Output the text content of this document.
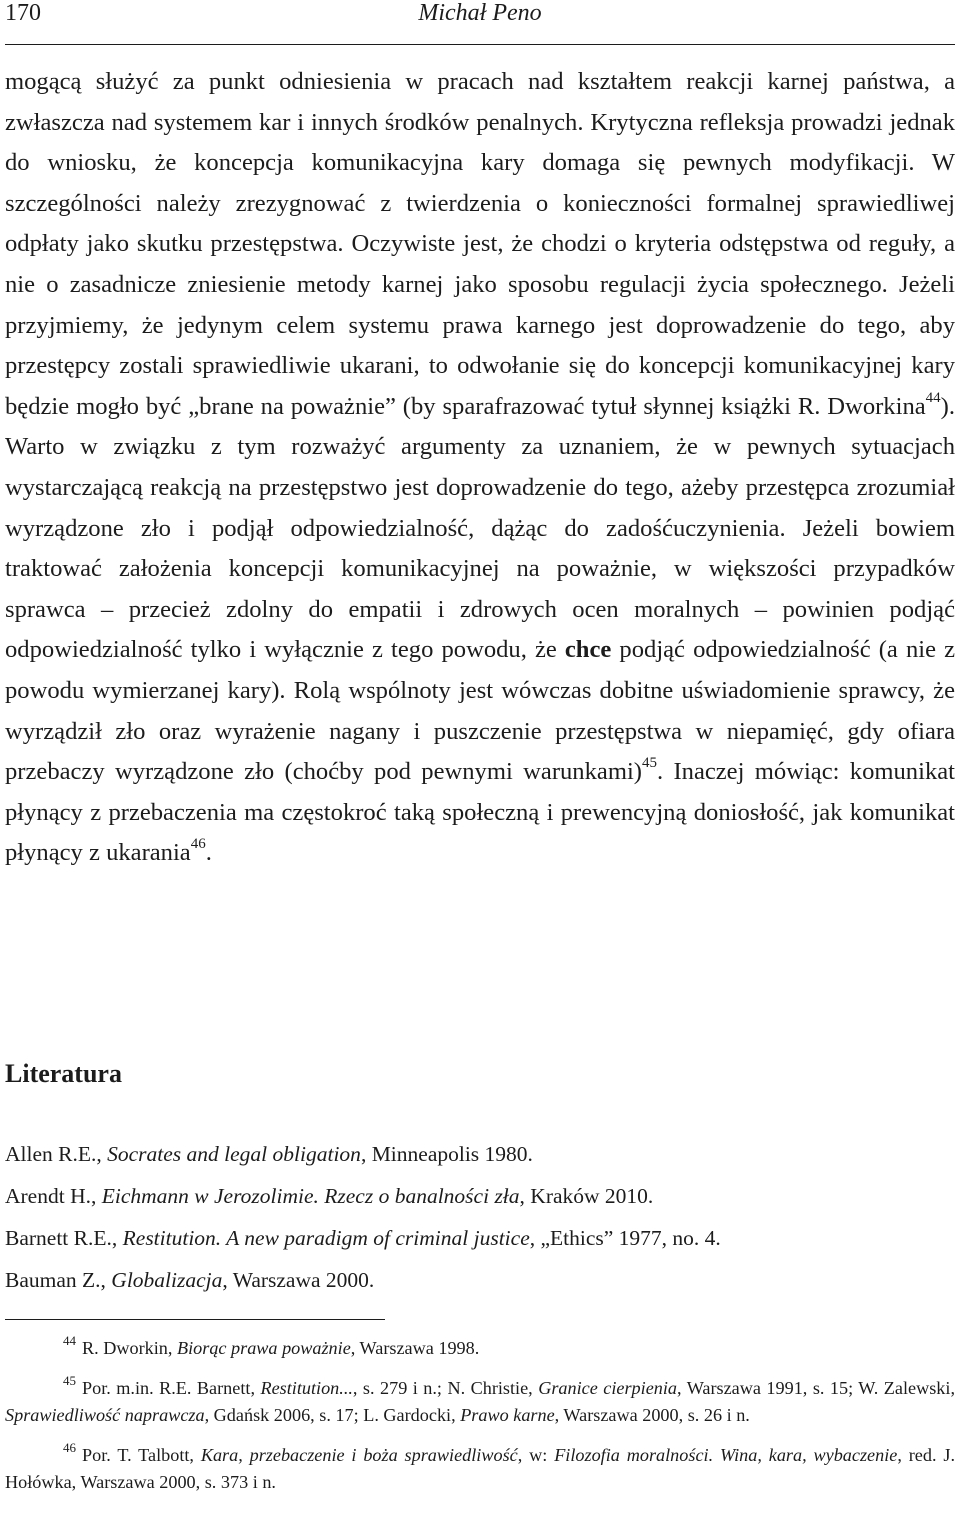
170	Michał Peno
mogącą służyć za punkt odniesienia w pracach nad kształtem reakcji karnej państwa, a zwłaszcza nad systemem kar i innych środków penalnych. Krytyczna refleksja prowadzi jednak do wniosku, że koncepcja komunikacyjna kary domaga się pewnych modyfikacji. W szczególności należy zrezygnować z twierdzenia o konieczności formalnej sprawiedliwej odpłaty jako skutku przestępstwa. Oczywiste jest, że chodzi o kryteria odstępstwa od reguły, a nie o zasadnicze zniesienie metody karnej jako sposobu regulacji życia społecznego. Jeżeli przyjmiemy, że jedynym celem systemu prawa karnego jest doprowadzenie do tego, aby przestępcy zostali sprawiedliwie ukarani, to odwołanie się do koncepcji komunikacyjnej kary będzie mogło być „brane na poważnie” (by sparafrazować tytuł słynnej książki R. Dworkina$^{44}$). Warto w związku z tym rozważyć argumenty za uznaniem, że w pewnych sytuacjach wystarczającą reakcją na przestępstwo jest doprowadzenie do tego, ażeby przestępca zrozumiał wyrządzone zło i podjął odpowiedzialność, dążąc do zadośćuczynienia. Jeżeli bowiem traktować założenia koncepcji komunikacyjnej na poważnie, w większości przypadków sprawca – przecież zdolny do empatii i zdrowych ocen moralnych – powinien podjąć odpowiedzialność tylko i wyłącznie z tego powodu, że chce podjąć odpowiedzialność (a nie z powodu wymierzanej kary). Rolą wspólnoty jest wówczas dobitne uświadomienie sprawcy, że wyrządził zło oraz wyrażenie nagany i puszczenie przestępstwa w niepamięć, gdy ofiara przebaczy wyrządzone zło (choćby pod pewnymi warunkami)$^{45}$. Inaczej mówiąc: komunikat płynący z przebaczenia ma częstokroć taką społeczną i prewencyjną doniosłość, jak komunikat płynący z ukarania$^{46}$.
Literatura
Allen R.E., Socrates and legal obligation, Minneapolis 1980.
Arendt H., Eichmann w Jerozolimie. Rzecz o banalności zła, Kraków 2010.
Barnett R.E., Restitution. A new paradigm of criminal justice, „Ethics” 1977, no. 4.
Bauman Z., Globalizacja, Warszawa 2000.
$^{44}$ R. Dworkin, Biorąc prawa poważnie, Warszawa 1998.
$^{45}$ Por. m.in. R.E. Barnett, Restitution..., s. 279 i n.; N. Christie, Granice cierpienia, Warszawa 1991, s. 15; W. Zalewski, Sprawiedliwość naprawcza, Gdańsk 2006, s. 17; L. Gardocki, Prawo karne, Warszawa 2000, s. 26 i n.
$^{46}$ Por. T. Talbott, Kara, przebaczenie i boża sprawiedliwość, w: Filozofia moralności. Wina, kara, wybaczenie, red. J. Hołówka, Warszawa 2000, s. 373 i n.
